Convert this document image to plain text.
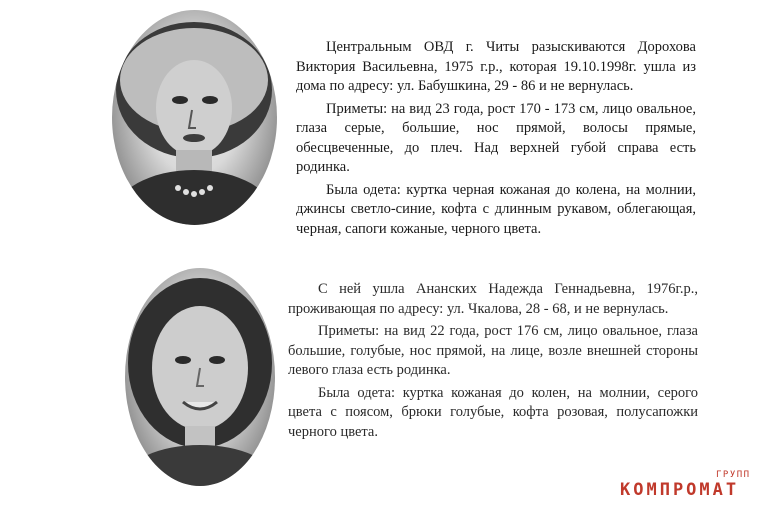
Центральным ОВД г. Читы разыскиваются Дорохова Виктория Васильевна, 1975 г.р., которая 19.10.1998г. ушла из дома по адресу: ул. Бабушкина, 29 - 86 и не вернулась.

Приметы: на вид 23 года, рост 170 - 173 см, лицо овальное, глаза серые, большие, нос прямой, волосы прямые, обесцвеченные, до плеч. Над верхней губой справа есть родинка.

Была одета: куртка черная кожаная до колена, на молнии, джинсы светло-синие, кофта с длинным рукавом, облегающая, черная, сапоги кожаные, черного цвета.

С ней ушла Ананских Надежда Геннадьевна, 1976г.р., проживающая по адресу: ул. Чкалова, 28 - 68, и не вернулась.

Приметы: на вид 22 года, рост 176 см, лицо овальное, глаза большие, голубые, нос прямой, на лице, возле внешней стороны левого глаза есть родинка.

Была одета: куртка кожаная до колен, на молнии, серого цвета с поясом, брюки голубые, кофта розовая, полусапожки черного цвета.

ГРУПП
КОМПРОМАТ
